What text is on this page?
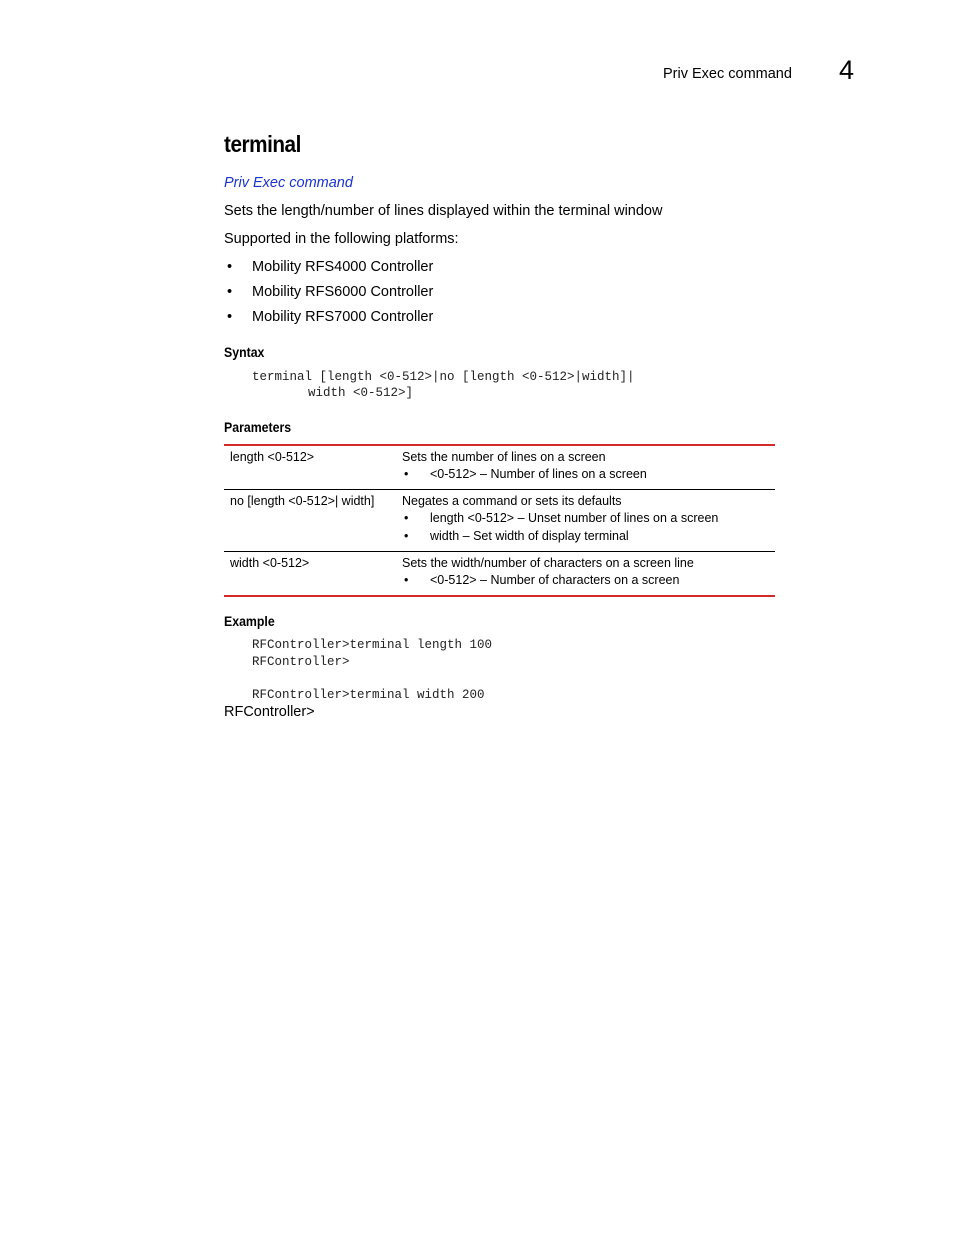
Priv Exec command 4
terminal
Priv Exec command
Sets the length/number of lines displayed within the terminal window
Supported in the following platforms:
• Mobility RFS4000 Controller
• Mobility RFS6000 Controller
• Mobility RFS7000 Controller
Syntax
terminal [length <0-512>|no [length <0-512>|width]|
width <0-512>]
Parameters
length <0-512>	Sets the number of lines on a screen
• <0-512> – Number of lines on a screen

no [length <0-512>| width]	Negates a command or sets its defaults
• length <0-512> – Unset number of lines on a screen
• width – Set width of display terminal

width <0-512>	Sets the width/number of characters on a screen line
• <0-512> – Number of characters on a screen
Example
RFController>terminal length 100
RFController>
RFController>terminal width 200
RFController>
